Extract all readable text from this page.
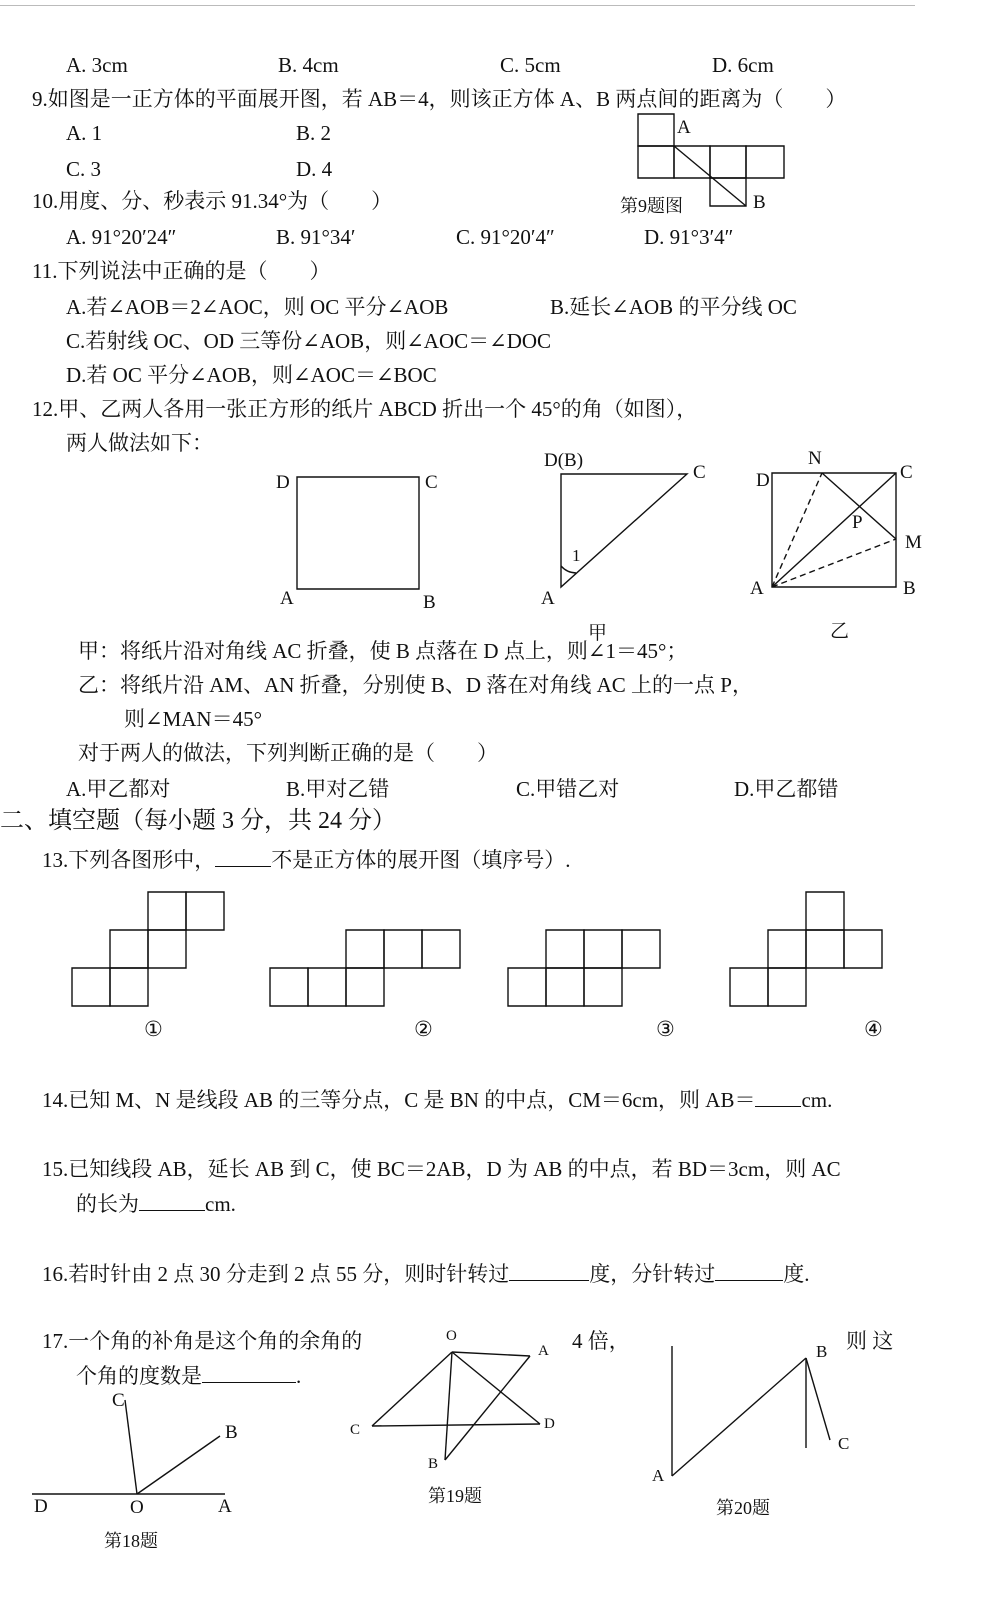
A. 3cm	B. 4cm	C. 5cm	D. 6cm
9.如图是一正方体的平面展开图，若 AB＝4，则该正方体 A、B 两点间的距离为（　　）
A. 1	B. 2
C. 3	D. 4
A
B
第9题图
10.用度、分、秒表示 91.34°为（　　）
A. 91°20′24″	B. 91°34′	C. 91°20′4″	D. 91°3′4″
11.下列说法中正确的是（　　）
A.若∠AOB＝2∠AOC，则 OC 平分∠AOB	B.延长∠AOB 的平分线 OC
C.若射线 OC、OD 三等份∠AOB，则∠AOC＝∠DOC
D.若 OC 平分∠AOB，则∠AOC＝∠BOC
12.甲、乙两人各用一张正方形的纸片 ABCD 折出一个 45°的角（如图），
两人做法如下：
D	C
A	B
D(B)
C
A
1
甲
N
C
D
P
M
A	B
乙
甲：将纸片沿对角线 AC 折叠，使 B 点落在 D 点上，则∠1＝45°；
乙：将纸片沿 AM、AN 折叠，分别使 B、D 落在对角线 AC 上的一点 P，
则∠MAN＝45°
对于两人的做法，下列判断正确的是（　　）
A.甲乙都对	B.甲对乙错	C.甲错乙对	D.甲乙都错
二、填空题（每小题 3 分，共 24 分）
13.下列各图形中，	不是正方体的展开图（填序号）.
①	②	③	④
14.已知 M、N 是线段 AB 的三等分点，C 是 BN 的中点，CM＝6cm，则 AB＝ cm.
15.已知线段 AB，延长 AB 到 C，使 BC＝2AB，D 为 AB 的中点，若 BD＝3cm，则 AC
的长为	cm.
16.若时针由 2 点 30 分走到 2 点 55 分，则时针转过	度，分针转过	度.
17.一个角的补角是这个角的余角的	4 倍，	则 这
个角的度数是	.
C
B
D	O	A
第18题
O
A
C	D
B
第19题
B
C
A
第20题
